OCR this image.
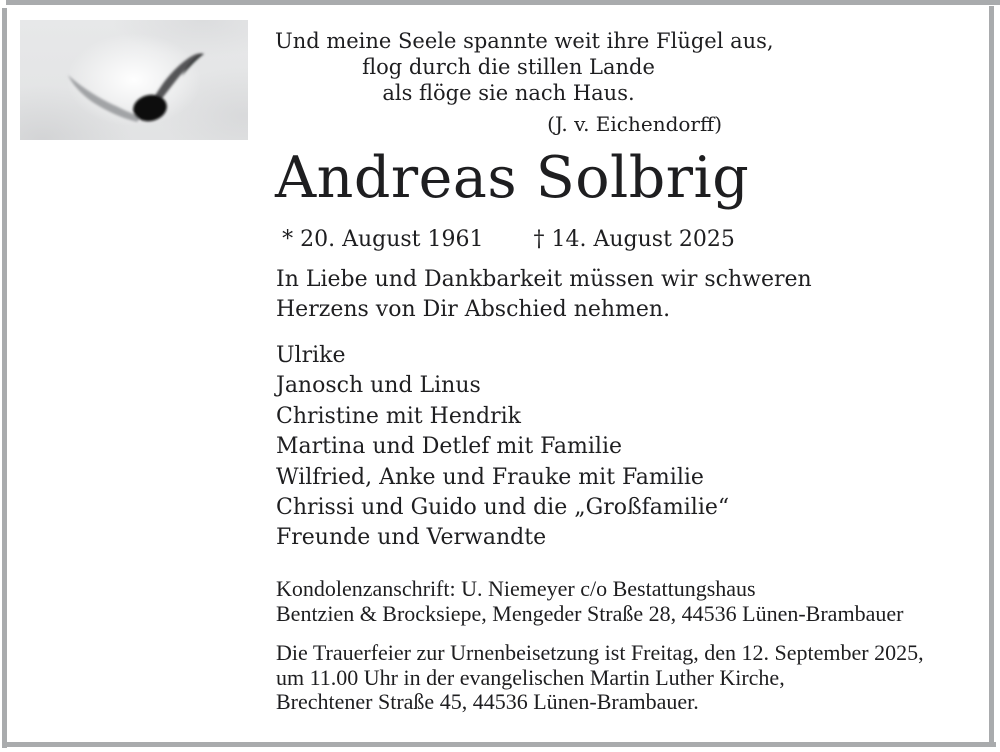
Und meine Seele spannte weit ihre Flügel aus,
flog durch die stillen Lande
als flöge sie nach Haus.
(J. v. Eichendorff)
Andreas Solbrig
* 20. August 1961 † 14. August 2025
In Liebe und Dankbarkeit müssen wir schweren
Herzens von Dir Abschied nehmen.
Ulrike
Janosch und Linus
Christine mit Hendrik
Martina und Detlef mit Familie
Wilfried, Anke und Frauke mit Familie
Chrissi und Guido und die „Großfamilie“
Freunde und Verwandte
Kondolenzanschrift: U. Niemeyer c/o Bestattungshaus
Bentzien & Brocksiepe, Mengeder Straße 28, 44536 Lünen-Brambauer
Die Trauerfeier zur Urnenbeisetzung ist Freitag, den 12. September 2025,
um 11.00 Uhr in der evangelischen Martin Luther Kirche,
Brechtener Straße 45, 44536 Lünen-Brambauer.
